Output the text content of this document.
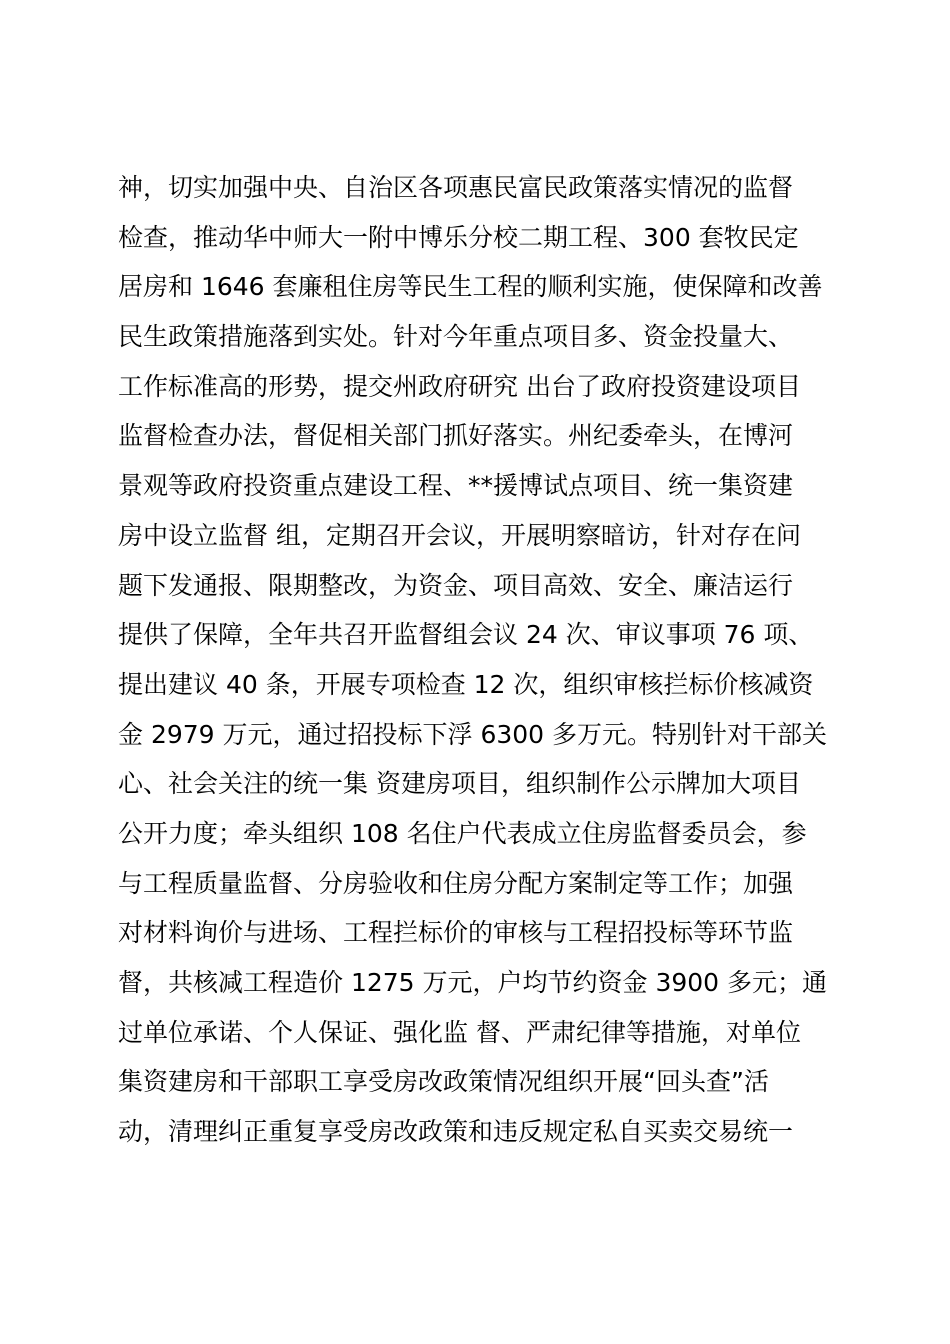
神，切实加强中央、自治区各项惠民富民政策落实情况的监督
检查，推动华中师大一附中博乐分校二期工程、300 套牧民定
居房和 1646 套廉租住房等民生工程的顺利实施，使保障和改善
民生政策措施落到实处。针对今年重点项目多、资金投量大、
工作标准高的形势，提交州政府研究 出台了政府投资建设项目
监督检查办法，督促相关部门抓好落实。州纪委牵头，在博河
景观等政府投资重点建设工程、**援博试点项目、统一集资建
房中设立监督 组，定期召开会议，开展明察暗访，针对存在问
题下发通报、限期整改，为资金、项目高效、安全、廉洁运行
提供了保障，全年共召开监督组会议 24 次、审议事项 76 项、
提出建议 40 条，开展专项检查 12 次，组织审核拦标价核减资
金 2979 万元，通过招投标下浮 6300 多万元。特别针对干部关
心、社会关注的统一集 资建房项目，组织制作公示牌加大项目
公开力度；牵头组织 108 名住户代表成立住房监督委员会，参
与工程质量监督、分房验收和住房分配方案制定等工作；加强
对材料询价与进场、工程拦标价的审核与工程招投标等环节监
督，共核减工程造价 1275 万元，户均节约资金 3900 多元；通
过单位承诺、个人保证、强化监 督、严肃纪律等措施，对单位
集资建房和干部职工享受房改政策情况组织开展“回头查”活
动，清理纠正重复享受房改政策和违反规定私自买卖交易统一
